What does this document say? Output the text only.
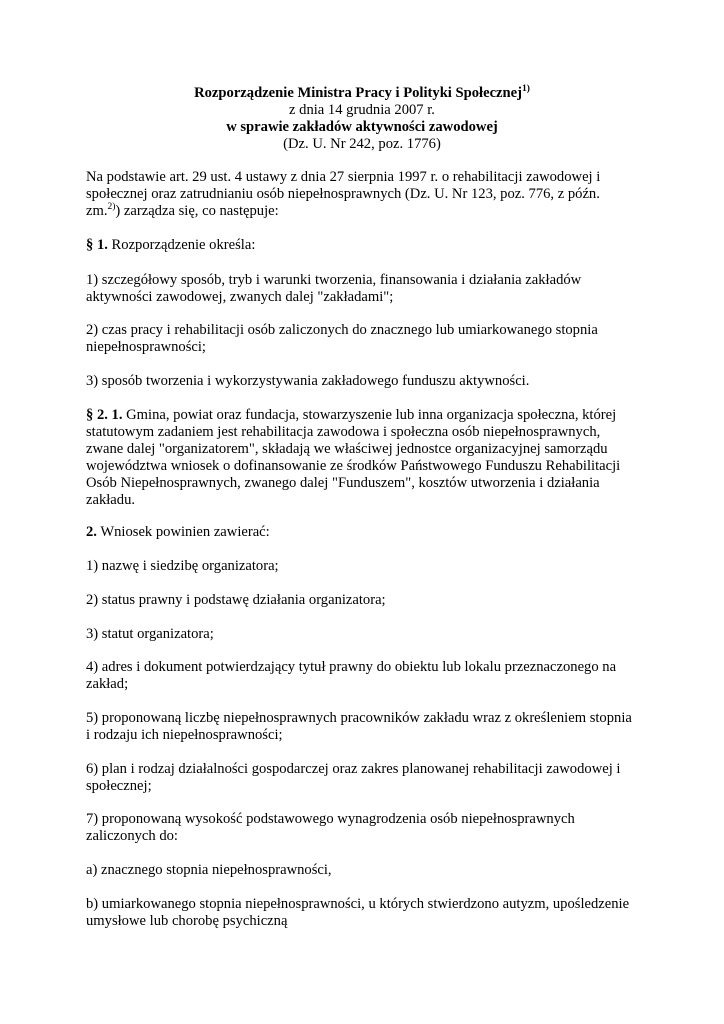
Rozporządzenie Ministra Pracy i Polityki Społecznej$^{1)}$

z dnia 14 grudnia 2007 r.

w sprawie zakładów aktywności zawodowej

(Dz. U. Nr 242, poz. 1776)

Na podstawie art. 29 ust. 4 ustawy z dnia 27 sierpnia 1997 r. o rehabilitacji zawodowej i
społecznej oraz zatrudnianiu osób niepełnosprawnych (Dz. U. Nr 123, poz. 776, z późn.
zm.$^{2)}$) zarządza się, co następuje:

§ 1. Rozporządzenie określa:

1) szczegółowy sposób, tryb i warunki tworzenia, finansowania i działania zakładów
aktywności zawodowej, zwanych dalej "zakładami";

2) czas pracy i rehabilitacji osób zaliczonych do znacznego lub umiarkowanego stopnia
niepełnosprawności;

3) sposób tworzenia i wykorzystywania zakładowego funduszu aktywności.

§ 2. 1. Gmina, powiat oraz fundacja, stowarzyszenie lub inna organizacja społeczna, której
statutowym zadaniem jest rehabilitacja zawodowa i społeczna osób niepełnosprawnych,
zwane dalej "organizatorem", składają we właściwej jednostce organizacyjnej samorządu
województwa wniosek o dofinansowanie ze środków Państwowego Funduszu Rehabilitacji
Osób Niepełnosprawnych, zwanego dalej "Funduszem", kosztów utworzenia i działania
zakładu.

2. Wniosek powinien zawierać:

1) nazwę i siedzibę organizatora;

2) status prawny i podstawę działania organizatora;

3) statut organizatora;

4) adres i dokument potwierdzający tytuł prawny do obiektu lub lokalu przeznaczonego na
zakład;

5) proponowaną liczbę niepełnosprawnych pracowników zakładu wraz z określeniem stopnia
i rodzaju ich niepełnosprawności;

6) plan i rodzaj działalności gospodarczej oraz zakres planowanej rehabilitacji zawodowej i
społecznej;

7) proponowaną wysokość podstawowego wynagrodzenia osób niepełnosprawnych
zaliczonych do:

a) znacznego stopnia niepełnosprawności,

b) umiarkowanego stopnia niepełnosprawności, u których stwierdzono autyzm, upośledzenie
umysłowe lub chorobę psychiczną
